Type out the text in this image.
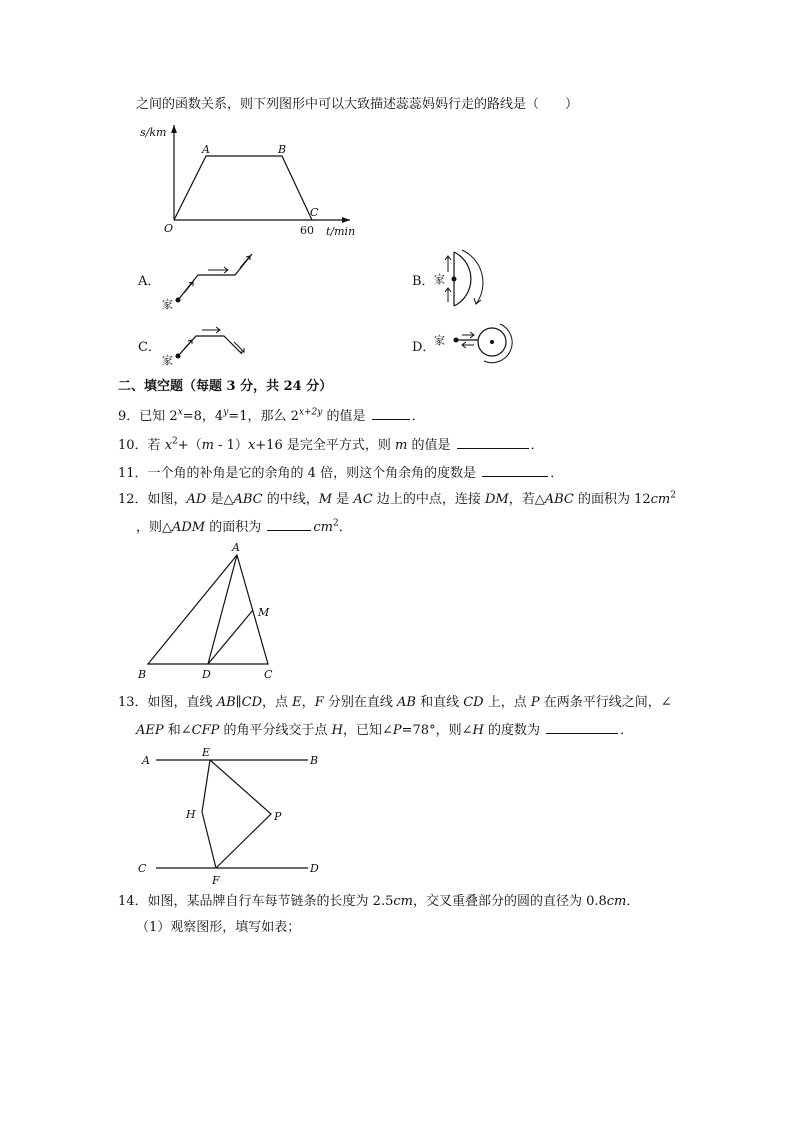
之间的函数关系，则下列图形中可以大致描述蕊蕊妈妈行走的路线是（　　）
s/km
t/min
O	60
A	B
C
A．
家
B． 家
C．
家
D．
家
二、填空题（每题 3 分，共 24 分）
9．已知 $2^x=8$，$4^y=1$，那么 $2^{x+2y}$ 的值是	．
10．若 $x^2+(m - 1)x+16$ 是完全平方式，则 m 的值是	．
11．一个角的补角是它的余角的 4 倍，则这个角余角的度数是	．
12．如图，AD 是△ABC 的中线，M 是 AC 边上的中点，连接 DM，若△ABC 的面积为 $12cm^2$
，则△ADM 的面积为	$cm^2$．
A
B	C
D
M
13．如图，直线 AB∥CD，点 E，F 分别在直线 AB 和直线 CD 上，点 P 在两条平行线之间，∠
AEP 和∠CFP 的角平分线交于点 H，已知∠P=78°，则∠H 的度数为	．
A	B
C	D
E
F
H	P
14．如图，某品牌自行车每节链条的长度为 2.5cm，交叉重叠部分的圆的直径为 0.8cm．
（1）观察图形，填写如表；
